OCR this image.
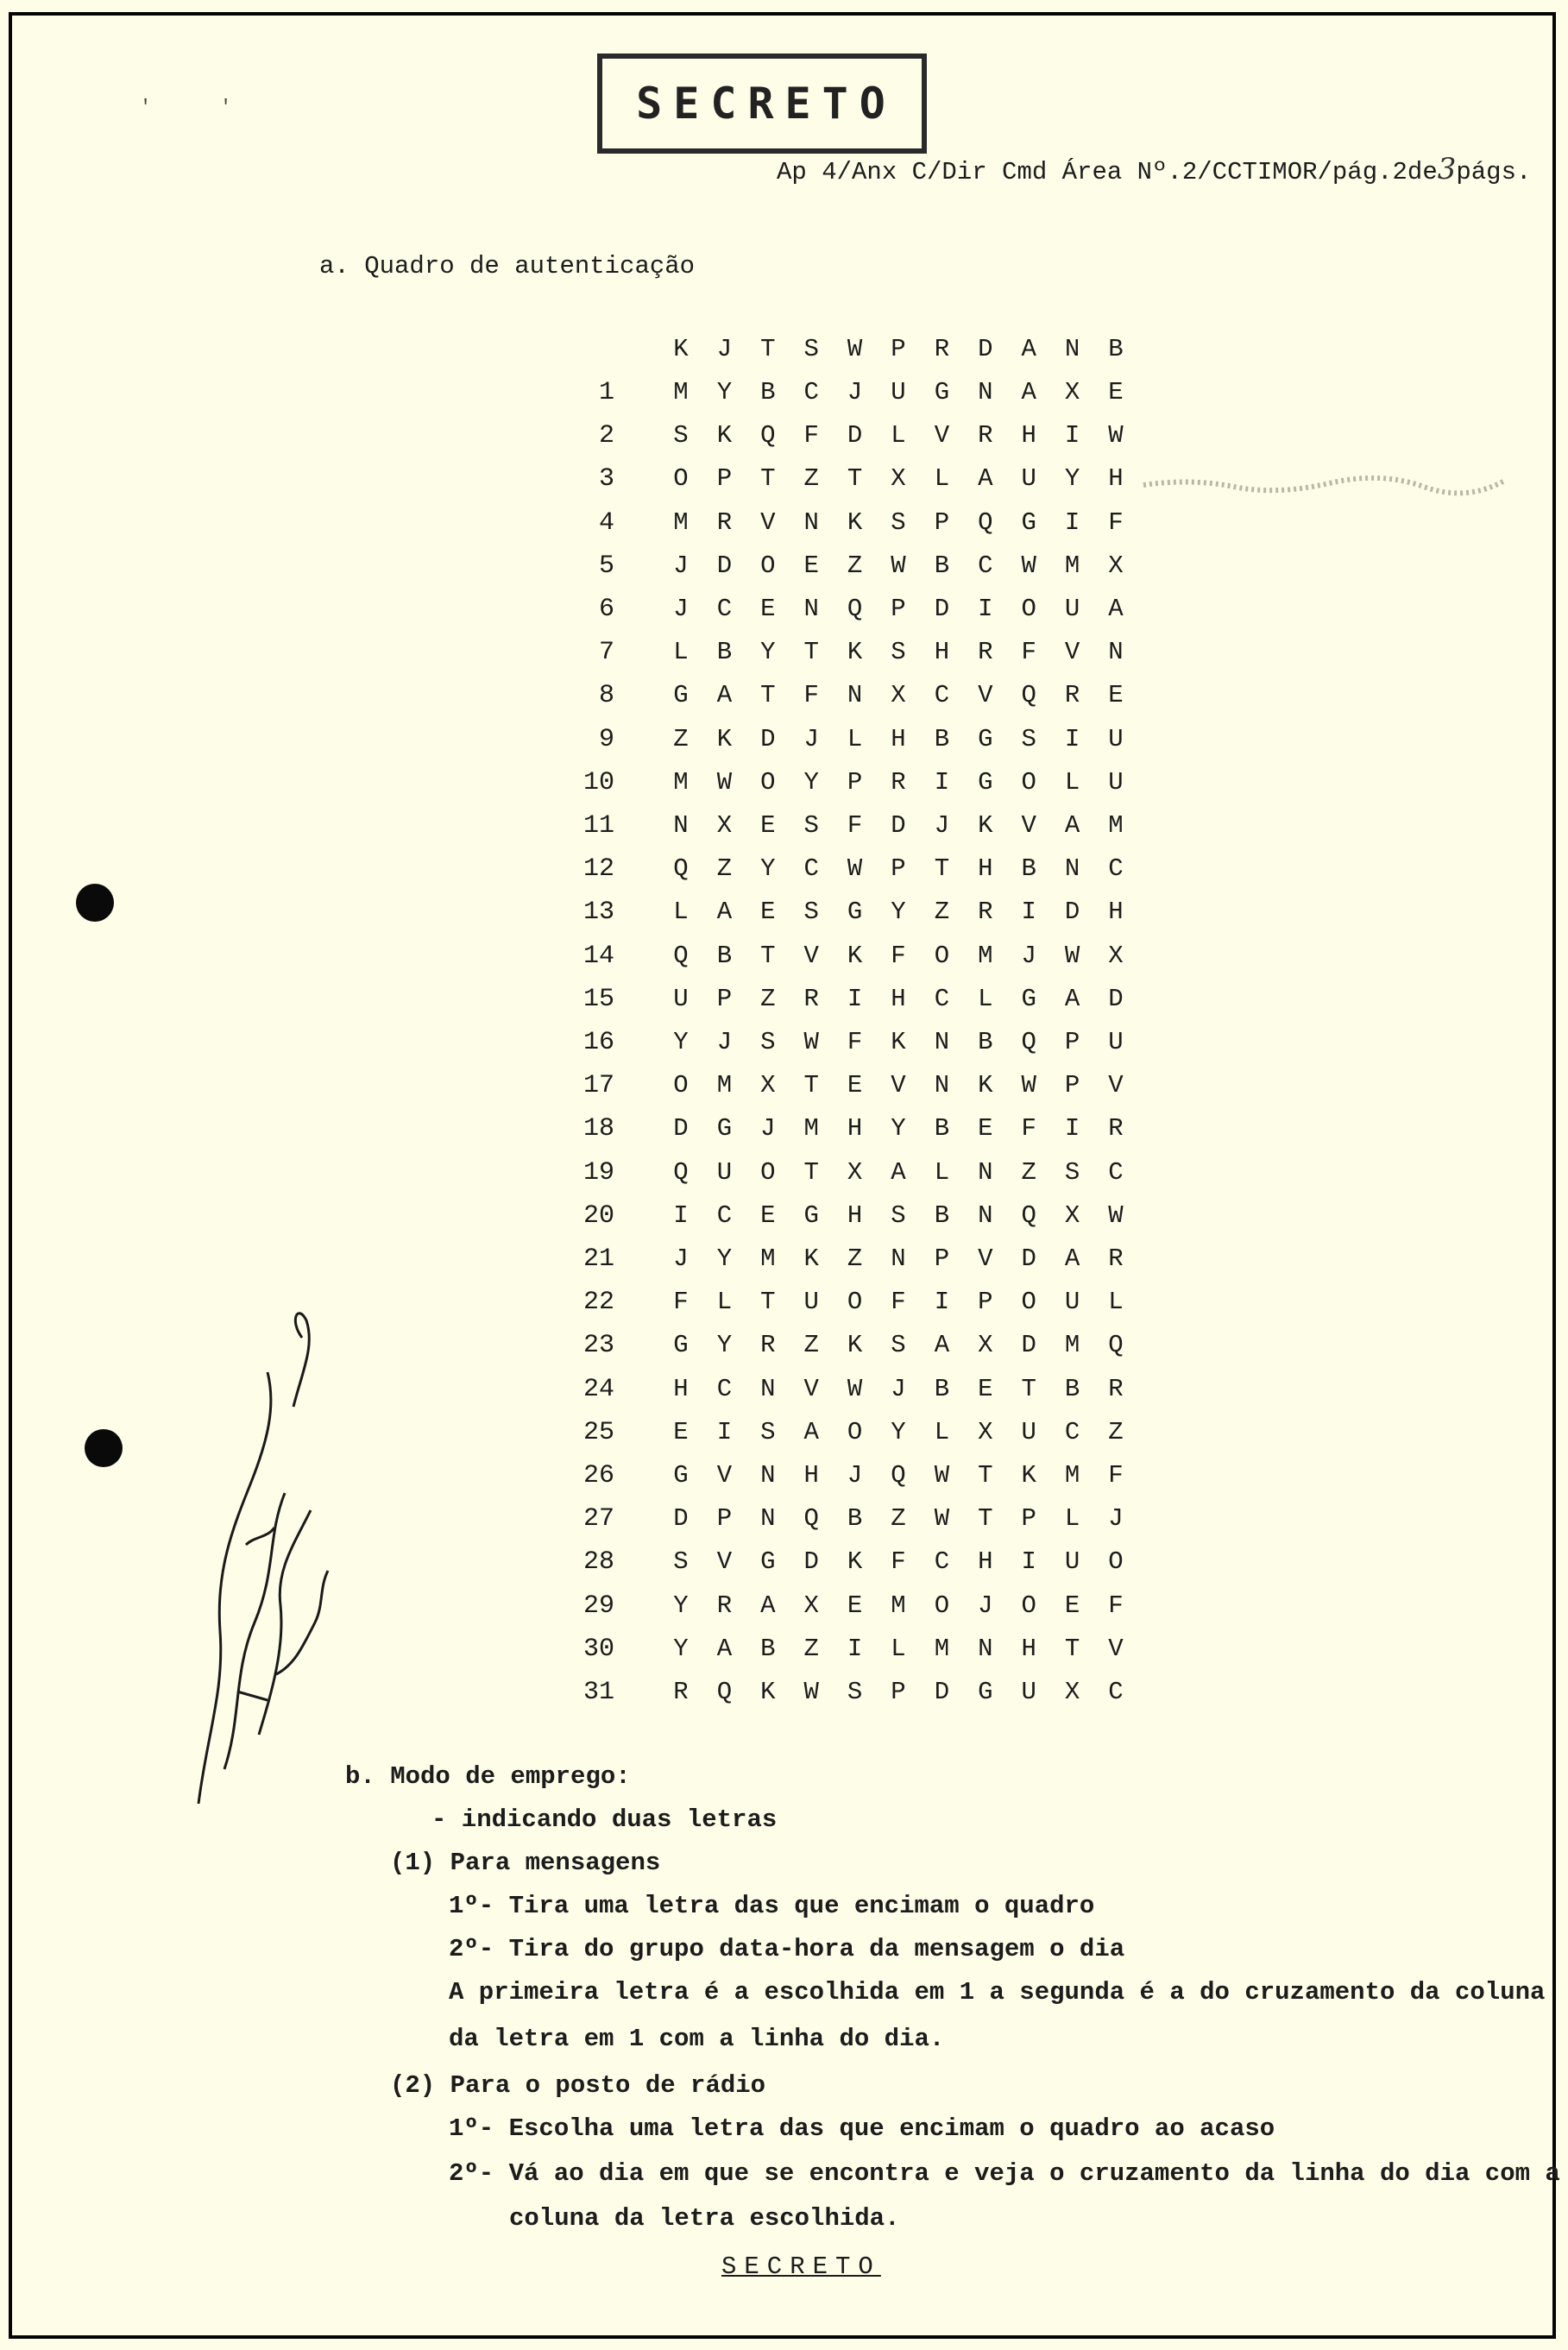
'	'	SECRETO
Ap 4/Anx C/Dir Cmd Área Nº.2/CCTIMOR/pág.2de3págs.
a. Quadro de autenticação
K J T S W P R D A N B
1 M Y B C J U G N A X E
2 S K Q F D L V R H I W
3 O P T Z T X L A U Y H
4 M R V N K S P Q G I F
5 J D O E Z W B C W M X
6 J C E N Q P D I O U A
7 L B Y T K S H R F V N
8 G A T F N X C V Q R E
9 Z K D J L H B G S I U
10 M W O Y P R I G O L U
11 N X E S F D J K V A M
12 Q Z Y C W P T H B N C
13 L A E S G Y Z R I D H
14 Q B T V K F O M J W X
15 U P Z R I H C L G A D
16 Y J S W F K N B Q P U
17 O M X T E V N K W P V
18 D G J M H Y B E F I R
19 Q U O T X A L N Z S C
20 I C E G H S B N Q X W
21 J Y M K Z N P V D A R
22 F L T U O F I P O U L
23 G Y R Z K S A X D M Q
24 H C N V W J B E T B R
25 E I S A O Y L X U C Z
26 G V N H J Q W T K M F
27 D P N Q B Z W T P L J
28 S V G D K F C H I U O
29 Y R A X E M O J O E F
30 Y A B Z I L M N H T V
31 R Q K W S P D G U X C
b. Modo de emprego:
- indicando duas letras
(1) Para mensagens
1º- Tira uma letra das que encimam o quadro
2º- Tira do grupo data-hora da mensagem o dia
A primeira letra é a escolhida em 1 a segunda é a do cruzamento da coluna
da letra em 1 com a linha do dia.
(2) Para o posto de rádio
1º- Escolha uma letra das que encimam o quadro ao acaso
2º- Vá ao dia em que se encontra e veja o cruzamento da linha do dia com a
coluna da letra escolhida.
SECRETO
